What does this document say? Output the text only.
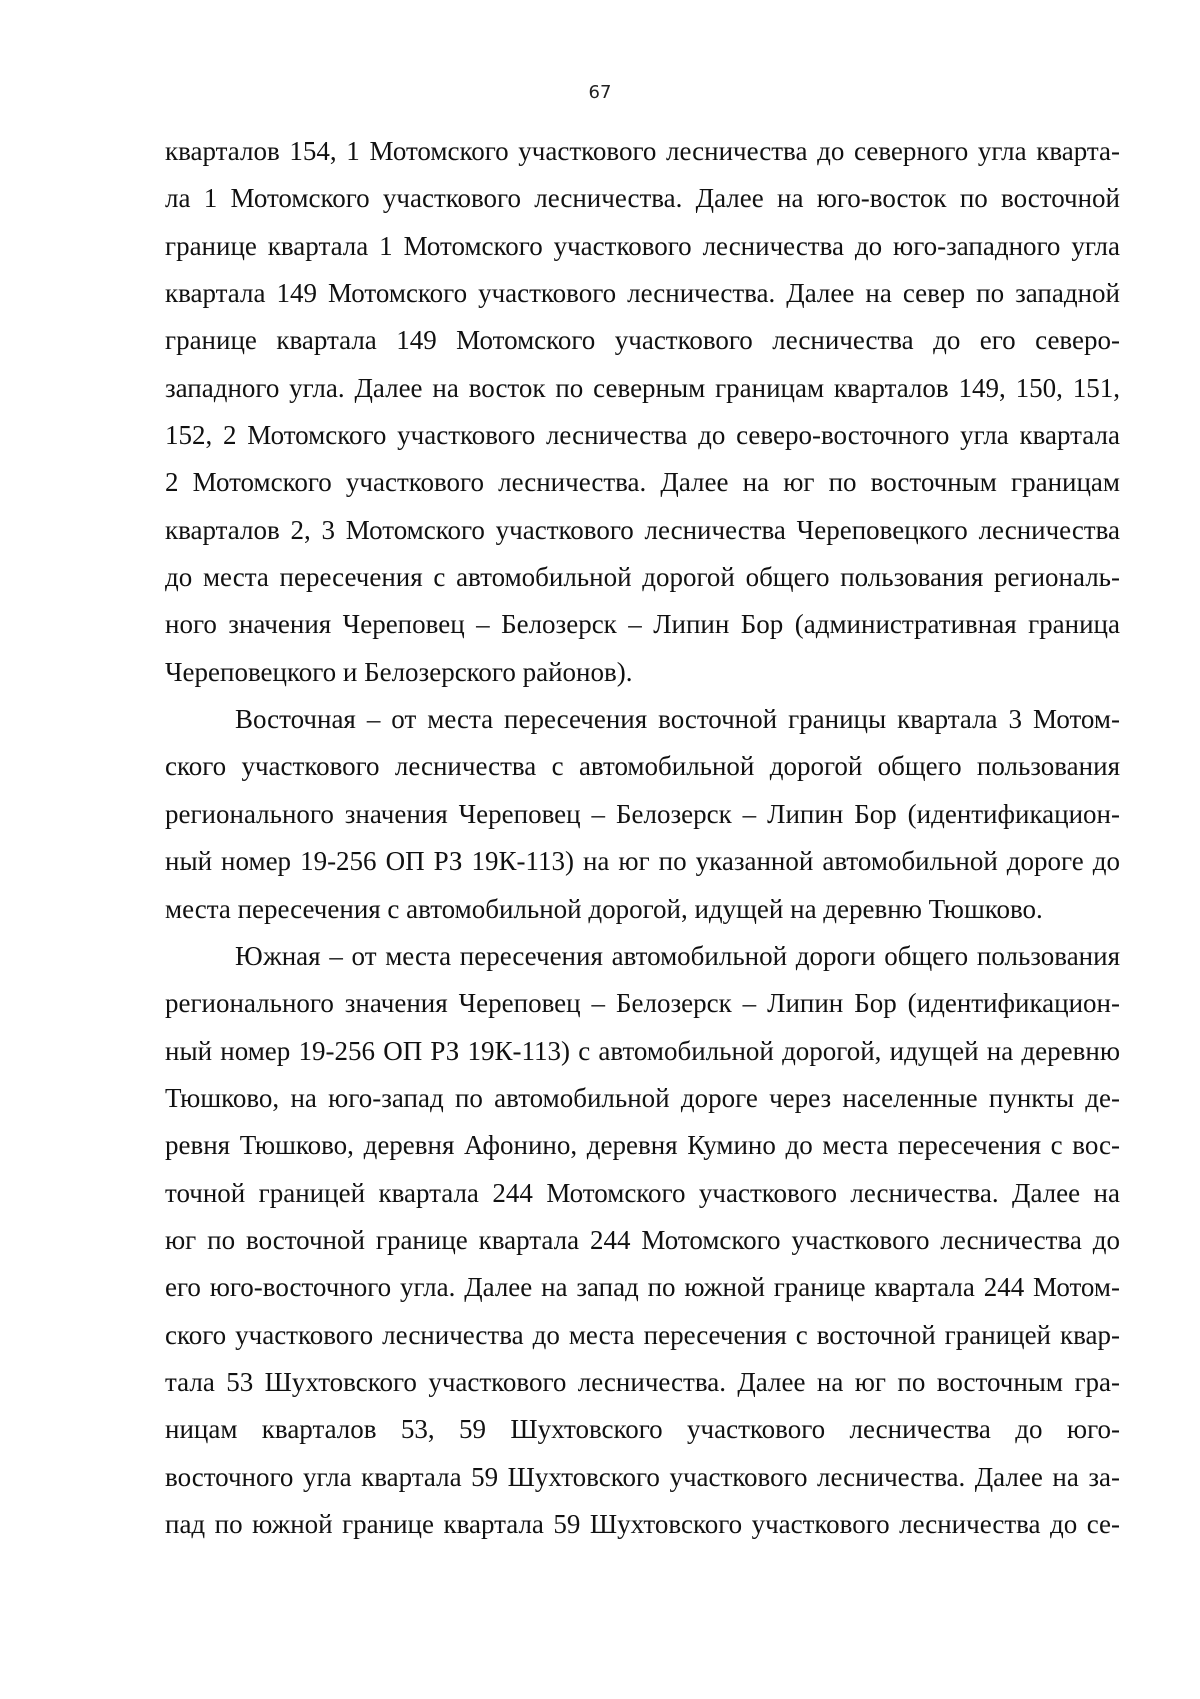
67
кварталов 154, 1 Мотомского участкового лесничества до северного угла кварта-
ла 1 Мотомского участкового лесничества. Далее на юго-восток по восточной
границе квартала 1 Мотомского участкового лесничества до юго-западного угла
квартала 149 Мотомского участкового лесничества. Далее на север по западной
границе квартала 149 Мотомского участкового лесничества до его северо-
западного угла. Далее на восток по северным границам кварталов 149, 150, 151,
152, 2 Мотомского участкового лесничества до северо-восточного угла квартала
2 Мотомского участкового лесничества. Далее на юг по восточным границам
кварталов 2, 3 Мотомского участкового лесничества Череповецкого лесничества
до места пересечения с автомобильной дорогой общего пользования региональ-
ного значения Череповец – Белозерск – Липин Бор (административная граница
Череповецкого и Белозерского районов).
Восточная – от места пересечения восточной границы квартала 3 Мотом-
ского участкового лесничества с автомобильной дорогой общего пользования
регионального значения Череповец – Белозерск – Липин Бор (идентификацион-
ный номер 19-256 ОП РЗ 19К-113) на юг по указанной автомобильной дороге до
места пересечения с автомобильной дорогой, идущей на деревню Тюшково.
Южная – от места пересечения автомобильной дороги общего пользования
регионального значения Череповец – Белозерск – Липин Бор (идентификацион-
ный номер 19-256 ОП РЗ 19К-113) с автомобильной дорогой, идущей на деревню
Тюшково, на юго-запад по автомобильной дороге через населенные пункты де-
ревня Тюшково, деревня Афонино, деревня Кумино до места пересечения с вос-
точной границей квартала 244 Мотомского участкового лесничества. Далее на
юг по восточной границе квартала 244 Мотомского участкового лесничества до
его юго-восточного угла. Далее на запад по южной границе квартала 244 Мотом-
ского участкового лесничества до места пересечения с восточной границей квар-
тала 53 Шухтовского участкового лесничества. Далее на юг по восточным гра-
ницам кварталов 53, 59 Шухтовского участкового лесничества до юго-
восточного угла квартала 59 Шухтовского участкового лесничества. Далее на за-
пад по южной границе квартала 59 Шухтовского участкового лесничества до се-
